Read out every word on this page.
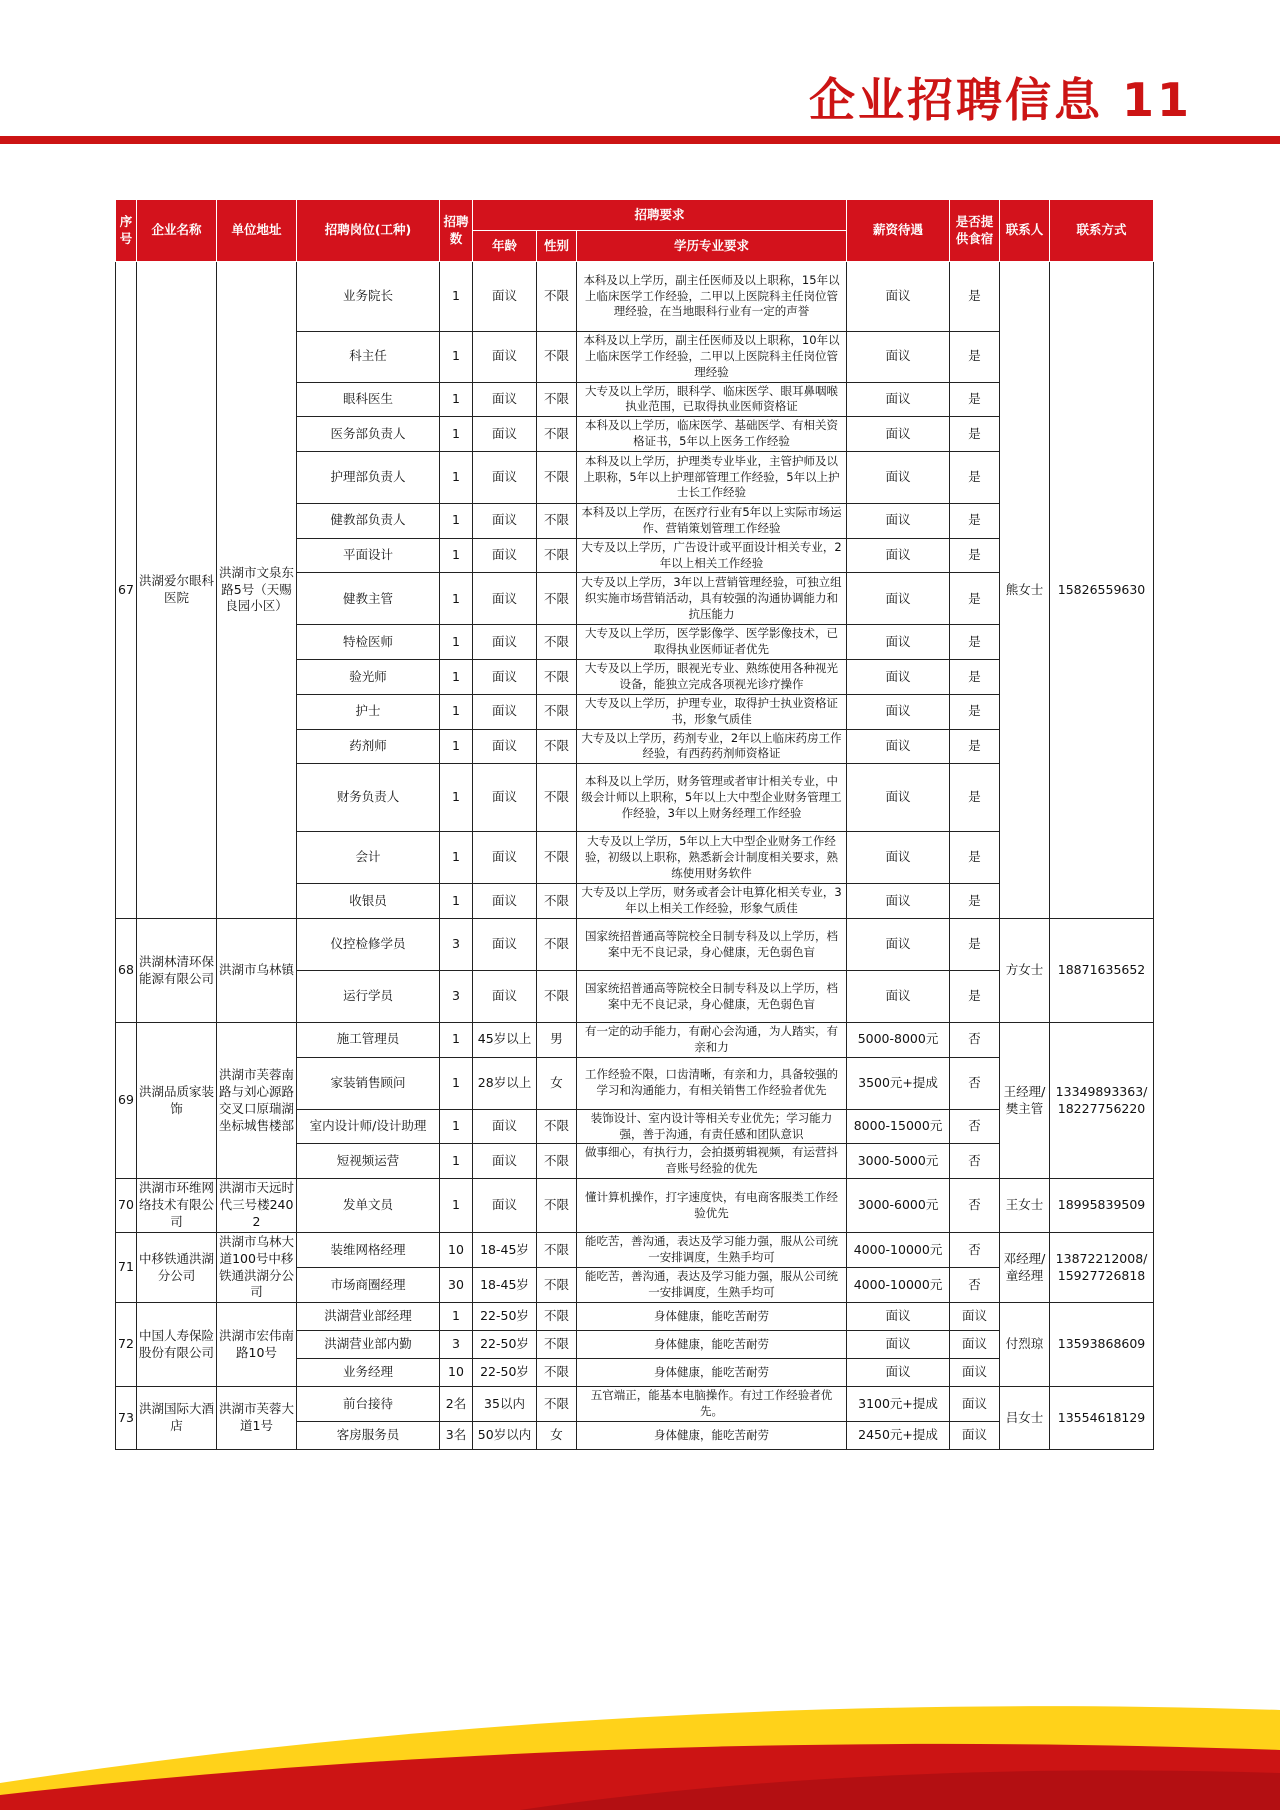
企业招聘信息 11
序号	企业名称	单位地址	招聘岗位(工种)	招聘数	招聘要求			薪资待遇	是否提供食宿	联系人	联系方式
					年龄	性别	学历专业要求				
67	洪湖爱尔眼科医院	洪湖市文泉东路5号（天赐良园小区）	业务院长	1	面议	不限	本科及以上学历，副主任医师及以上职称，15年以上临床医学工作经验，二甲以上医院科主任岗位管理经验，在当地眼科行业有一定的声誉	面议	是	熊女士	15826559630
			科主任	1	面议	不限	本科及以上学历，副主任医师及以上职称，10年以上临床医学工作经验，二甲以上医院科主任岗位管理经验	面议	是		
			眼科医生	1	面议	不限	大专及以上学历，眼科学、临床医学、眼耳鼻咽喉执业范围，已取得执业医师资格证	面议	是		
			医务部负责人	1	面议	不限	本科及以上学历，临床医学、基础医学、有相关资格证书，5年以上医务工作经验	面议	是		
			护理部负责人	1	面议	不限	本科及以上学历，护理类专业毕业，主管护师及以上职称，5年以上护理部管理工作经验，5年以上护士长工作经验	面议	是		
			健教部负责人	1	面议	不限	本科及以上学历，在医疗行业有5年以上实际市场运作、营销策划管理工作经验	面议	是		
			平面设计	1	面议	不限	大专及以上学历，广告设计或平面设计相关专业，2年以上相关工作经验	面议	是		
			健教主管	1	面议	不限	大专及以上学历，3年以上营销管理经验，可独立组织实施市场营销活动，具有较强的沟通协调能力和抗压能力	面议	是		
			特检医师	1	面议	不限	大专及以上学历，医学影像学、医学影像技术，已取得执业医师证者优先	面议	是		
			验光师	1	面议	不限	大专及以上学历，眼视光专业、熟练使用各种视光设备，能独立完成各项视光诊疗操作	面议	是		
			护士	1	面议	不限	大专及以上学历，护理专业，取得护士执业资格证书，形象气质佳	面议	是		
			药剂师	1	面议	不限	大专及以上学历，药剂专业，2年以上临床药房工作经验，有西药药剂师资格证	面议	是		
			财务负责人	1	面议	不限	本科及以上学历，财务管理或者审计相关专业，中级会计师以上职称，5年以上大中型企业财务管理工作经验，3年以上财务经理工作经验	面议	是		
			会计	1	面议	不限	大专及以上学历，5年以上大中型企业财务工作经验，初级以上职称，熟悉新会计制度相关要求，熟练使用财务软件	面议	是		
			收银员	1	面议	不限	大专及以上学历，财务或者会计电算化相关专业，3年以上相关工作经验，形象气质佳	面议	是		
68	洪湖林清环保能源有限公司	洪湖市乌林镇	仪控检修学员	3	面议	不限	国家统招普通高等院校全日制专科及以上学历，档案中无不良记录，身心健康，无色弱色盲	面议	是	方女士	18871635652
			运行学员	3	面议	不限	国家统招普通高等院校全日制专科及以上学历，档案中无不良记录，身心健康，无色弱色盲	面议	是		
69	洪湖品质家装饰	洪湖市芙蓉南路与刘心源路交叉口原瑞湖坐标城售楼部	施工管理员	1	45岁以上	男	有一定的动手能力，有耐心会沟通，为人踏实，有亲和力	5000-8000元	否	王经理/樊主管	13349893363/18227756220
			家装销售顾问	1	28岁以上	女	工作经验不限，口齿清晰，有亲和力，具备较强的学习和沟通能力，有相关销售工作经验者优先	3500元+提成	否		
			室内设计师/设计助理	1	面议	不限	装饰设计、室内设计等相关专业优先；学习能力强，善于沟通，有责任感和团队意识	8000-15000元	否		
			短视频运营	1	面议	不限	做事细心，有执行力，会拍摄剪辑视频，有运营抖音账号经验的优先	3000-5000元	否		
70	洪湖市环维网络技术有限公司	洪湖市天远时代三号楼2402	发单文员	1	面议	不限	懂计算机操作，打字速度快，有电商客服类工作经验优先	3000-6000元	否	王女士	18995839509
71	中移铁通洪湖分公司	洪湖市乌林大道100号中移铁通洪湖分公司	装维网格经理	10	18-45岁	不限	能吃苦，善沟通，表达及学习能力强，服从公司统一安排调度，生熟手均可	4000-10000元	否	邓经理/童经理	13872212008/15927726818
			市场商圈经理	30	18-45岁	不限	能吃苦，善沟通，表达及学习能力强，服从公司统一安排调度，生熟手均可	4000-10000元	否		
72	中国人寿保险股份有限公司	洪湖市宏伟南路10号	洪湖营业部经理	1	22-50岁	不限	身体健康，能吃苦耐劳	面议	面议	付烈琼	13593868609
			洪湖营业部内勤	3	22-50岁	不限	身体健康，能吃苦耐劳	面议	面议		
			业务经理	10	22-50岁	不限	身体健康，能吃苦耐劳	面议	面议		
73	洪湖国际大酒店	洪湖市芙蓉大道1号	前台接待	2名	35以内	不限	五官端正，能基本电脑操作。有过工作经验者优先。	3100元+提成	面议	吕女士	13554618129
			客房服务员	3名	50岁以内	女	身体健康，能吃苦耐劳	2450元+提成	面议		
